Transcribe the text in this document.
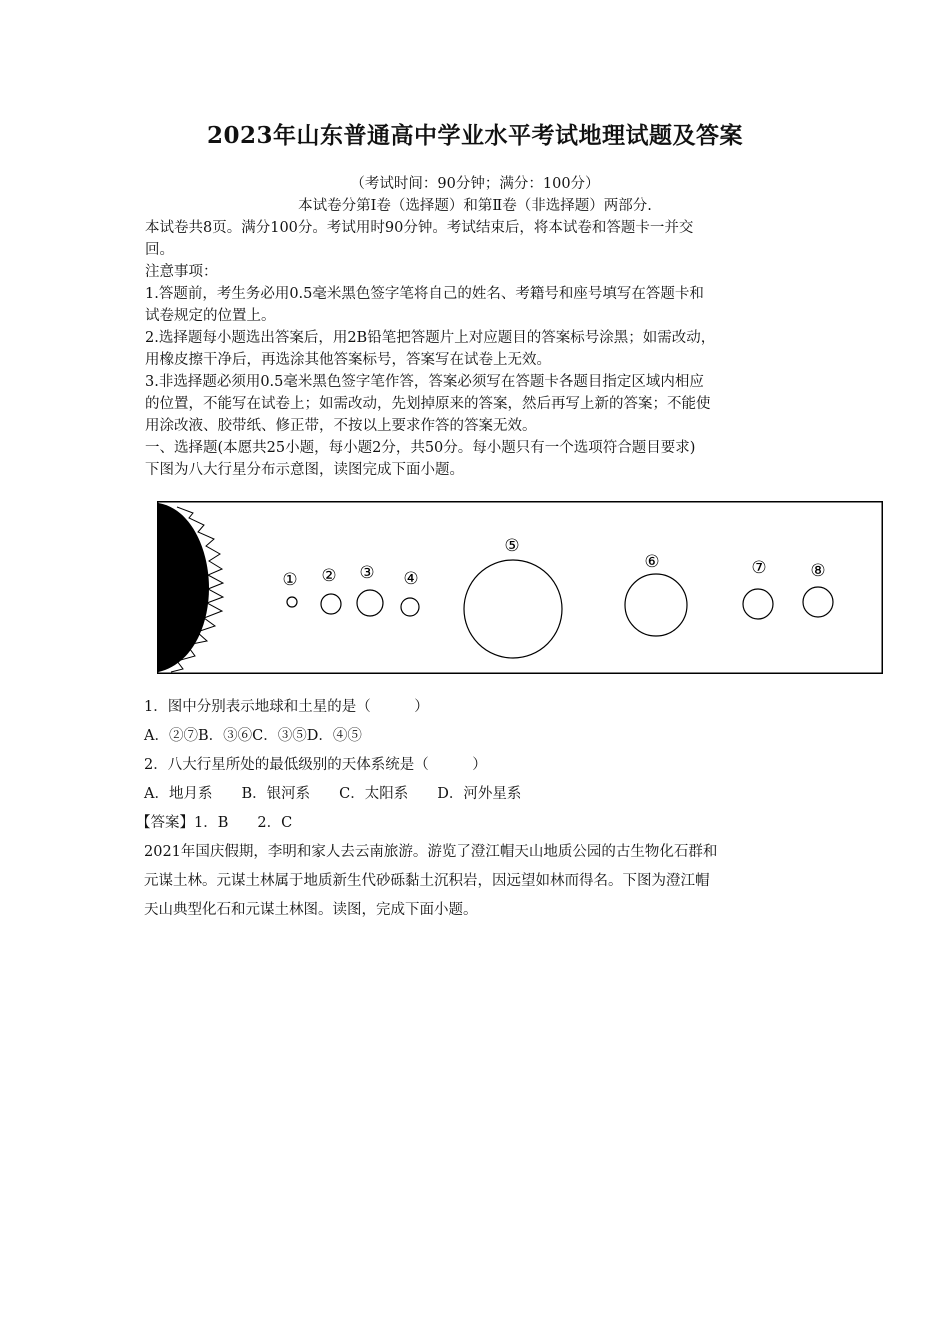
2023年山东普通高中学业水平考试地理试题及答案
（考试时间：90分钟；满分：100分）
本试卷分第Ⅰ卷（选择题）和第Ⅱ卷（非选择题）两部分.
本试卷共8页。满分100分。考试用时90分钟。考试结束后，将本试卷和答题卡一并交
回。
注意事项：
1.答题前，考生务必用0.5毫米黑色签字笔将自己的姓名、考籍号和座号填写在答题卡和
试卷规定的位置上。
2.选择题每小题选出答案后，用2B铅笔把答题片上对应题目的答案标号涂黑；如需改动，
用橡皮擦干净后，再选涂其他答案标号，答案写在试卷上无效。
3.非选择题必须用0.5毫米黑色签字笔作答，答案必须写在答题卡各题目指定区域内相应
的位置，不能写在试卷上；如需改动，先划掉原来的答案，然后再写上新的答案；不能使
用涂改液、胶带纸、修正带，不按以上要求作答的答案无效。
一、选择题(本愿共25小题，每小题2分，共50分。每小题只有一个选项符合题目要求)
下图为八大行星分布示意图，读图完成下面小题。
① ② ③ ④
⑤
⑥	⑦	⑧
1．图中分别表示地球和土星的是（　　　）
A．②⑦B．③⑥C．③⑤D．④⑤
2．八大行星所处的最低级别的天体系统是（　　　）
A．地月系　　B．银河系　　C．太阳系　　D．河外星系
【答案】1．B　　2．C
2021年国庆假期，李明和家人去云南旅游。游览了澄江帽天山地质公园的古生物化石群和
元谋土林。元谋土林属于地质新生代砂砾黏土沉积岩，因远望如林而得名。下图为澄江帽
天山典型化石和元谋土林图。读图，完成下面小题。
